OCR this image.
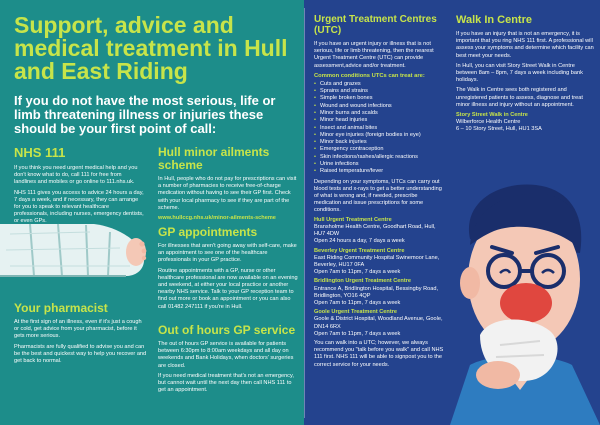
Support, advice and medical treatment in Hull and East Riding
If you do not have the most serious, life or limb threatening illness or injuries these should be your first point of call:
NHS 111

If you think you need urgent medical help and you don't know what to do, call 111 for free from landlines and mobiles or go online to 111.nhs.uk.

NHS 111 gives you access to advice 24 hours a day, 7 days a week, and if necessary, they can arrange for you to speak to relevant healthcare professionals, including nurses, emergency dentists, or even GPs.

Hull minor ailments scheme

In Hull, people who do not pay for prescriptions can visit a number of pharmacies to receive free-of-charge medication without having to see their GP first. Check with your local pharmacy to see if they are part of the scheme.

www.hullccg.nhs.uk/minor-ailments-scheme

GP appointments

For illnesses that aren't going away with self-care, make an appointment to see one of the healthcare professionals in your GP practice.

Routine appointments with a GP, nurse or other healthcare professional are now available on an evening and weekend, at either your local practice or another nearby NHS service. Talk to your GP reception team to find out more or book an appointment or you can also call 01482 247111 if you're in Hull.

Out of hours GP service

The out of hours GP service is available for patients between 6:30pm to 8:00am weekdays and all day on weekends and Bank Holidays, when doctors' surgeries are closed.

If you need medical treatment that's not an emergency, but cannot wait until the next day then call NHS 111 to get an appointment.

Your pharmacist

At the first sign of an illness, even if it's just a cough or cold, get advice from your pharmacist, before it gets more serious.

Pharmacists are fully qualified to advise you and can be the best and quickest way to help you recover and get back to normal.

Urgent Treatment Centres (UTC)

If you have an urgent injury or illness that is not serious, life or limb threatening, then the nearest Urgent Treatment Centre (UTC) can provide assessment,advice and/or treatment.

Common conditions UTCs can treat are:
• Cuts and grazes
• Sprains and strains
• Simple broken bones
• Wound and wound infections
• Minor burns and scalds
• Minor head injuries
• Insect and animal bites
• Minor eye injuries (foreign bodies in eye)
• Minor back injuries
• Emergency contraception
• Skin infections/rashes/allergic reactions
• Urine infections
• Raised temperature/fever

Depending on your symptoms, UTCs can carry out blood tests and x-rays to get a better understanding of what is wrong and, if needed, prescribe medication and issue prescriptions for some conditions.

Hull Urgent Treatment Centre

Bransholme Health Centre, Goodhart Road, Hull, HU7 4DW

Open 24 hours a day, 7 days a week

Beverley Urgent Treatment Centre

East Riding Community Hospital Swinemoor Lane, Beverley, HU17 0FA

Open 7am to 11pm, 7 days a week

Bridlington Urgent Treatment Centre

Entrance A, Bridlington Hospital, Bessingby Road, Bridlington, YO16 4QP

Open 7am to 11pm, 7 days a week

Goole Urgent Treatment Centre

Goole & District Hospital, Woodland Avenue, Goole, DN14 6RX

Open 7am to 11pm, 7 days a week

You can walk into a UTC; however, we always recommend you "talk before you walk" and call NHS 111 first. NHS 111 will be able to signpost you to the correct service for your needs.

Walk In Centre

If you have an injury that is not an emergency, it is important that you ring NHS 111 first. A professional will assess your symptoms and determine which facility can best meet your needs.

In Hull, you can visit Story Street Walk in Centre between 8am – 8pm, 7 days a week including bank holidays.

The Walk in Centre sees both registered and unregistered patients to assess, diagnose and treat minor illness and injury without an appointment.

Story Street Walk in Centre

Wilberforce Health Centre

6 – 10 Story Street, Hull, HU1 3SA
